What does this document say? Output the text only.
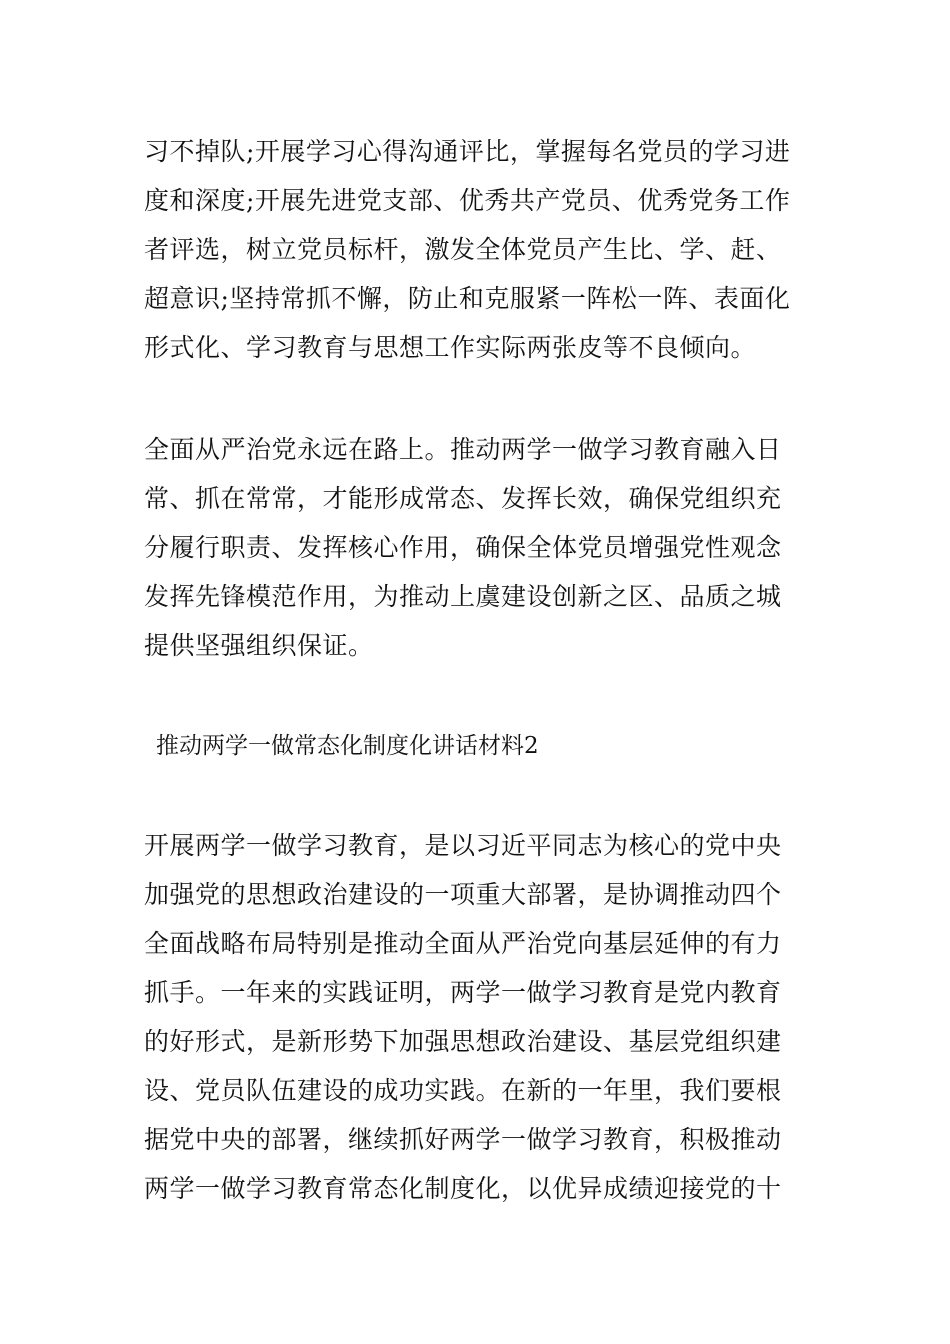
习不掉队;开展学习心得沟通评比，掌握每名党员的学习进
度和深度;开展先进党支部、优秀共产党员、优秀党务工作
者评选，树立党员标杆，激发全体党员产生比、学、赶、
超意识;坚持常抓不懈，防止和克服紧一阵松一阵、表面化
形式化、学习教育与思想工作实际两张皮等不良倾向。
全面从严治党永远在路上。推动两学一做学习教育融入日
常、抓在常常，才能形成常态、发挥长效，确保党组织充
分履行职责、发挥核心作用，确保全体党员增强党性观念
发挥先锋模范作用，为推动上虞建设创新之区、品质之城
提供坚强组织保证。
推动两学一做常态化制度化讲话材料2
开展两学一做学习教育，是以习近平同志为核心的党中央
加强党的思想政治建设的一项重大部署，是协调推动四个
全面战略布局特别是推动全面从严治党向基层延伸的有力
抓手。一年来的实践证明，两学一做学习教育是党内教育
的好形式，是新形势下加强思想政治建设、基层党组织建
设、党员队伍建设的成功实践。在新的一年里，我们要根
据党中央的部署，继续抓好两学一做学习教育，积极推动
两学一做学习教育常态化制度化，以优异成绩迎接党的十
